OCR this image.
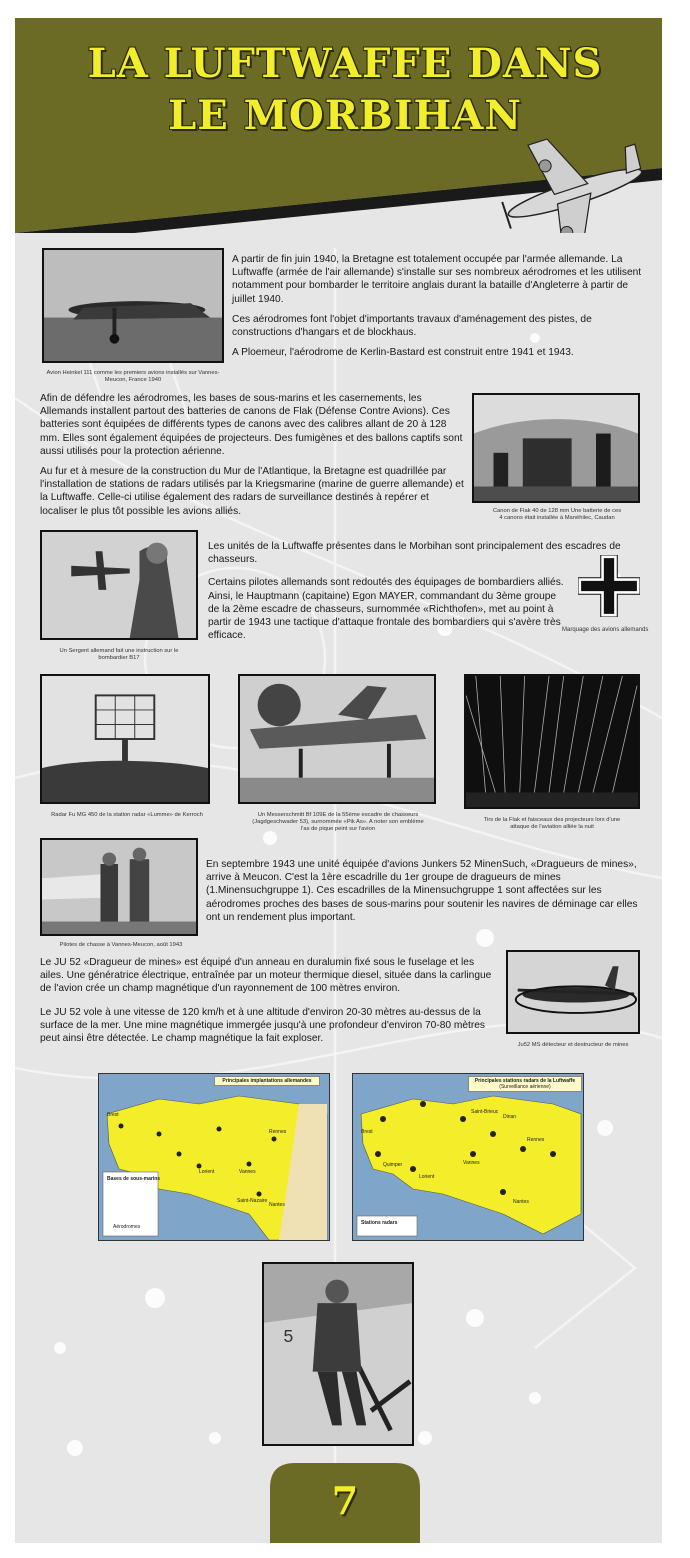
LA LUFTWAFFE DANS
LE MORBIHAN
Avion Heinkel 111 comme les premiers avions installés sur Vannes-Meucon, France 1940

A partir de fin juin 1940, la Bretagne est totalement occupée par l'armée allemande. La Luftwaffe (armée de l'air allemande) s'installe sur ses nombreux aérodromes et les utilisent notamment pour bombarder le territoire anglais durant la bataille d'Angleterre à partir de juillet 1940.

Ces aérodromes font l'objet d'importants travaux d'aménagement des pistes, de constructions d'hangars et de blockhaus.

A Ploemeur, l'aérodrome de Kerlin-Bastard est construit entre 1941 et 1943.

Afin de défendre les aérodromes, les bases de sous-marins et les casernements, les Allemands installent partout des batteries de canons de Flak (Défense Contre Avions). Ces batteries sont équipées de différents types de canons avec des calibres allant de 20 à 128 mm. Elles sont également équipées de projecteurs. Des fumigènes et des ballons captifs sont aussi utilisés pour la protection aérienne.

Au fur et à mesure de la construction du Mur de l'Atlantique, la Bretagne est quadrillée par l'installation de stations de radars utilisés par la Kriegsmarine (marine de guerre allemande) et la Luftwaffe. Celle-ci utilise également des radars de surveillance destinés à repérer et localiser le plus tôt possible les avions alliés.	Canon de Flak 40 de 128 mm Une batterie de ces 4 canons était installée à Manéhilec, Caudan
Un Sergent allemand fait une instruction sur le bombardier B17

Les unités de la Luftwaffe présentes dans le Morbihan sont principalement des escadres de chasseurs.

Certains pilotes allemands sont redoutés des équipages de bombardiers alliés. Ainsi, le Hauptmann (capitaine) Egon MAYER, commandant du 3ème groupe de la 2ème escadre de chasseurs, surnommée «Richthofen», met au point à partir de 1943 une tactique d'attaque frontale des bombardiers qui s'avère très efficace.

Marquage des avions allemands
Radar Fu MG 450 de la station radar «Lumme» de Kerroch	Un Messerschmitt Bf 109E de la 55ème escadre de chasseurs (Jagdgeschwader 53), surnommée «Pik As». A noter son emblème l'as de pique peint sur l'avion
Tirs de la Flak et faisceaux des projecteurs lors d'une attaque de l'aviation alliée la nuit
Pilotes de chasse à Vannes-Meucon, août 1943

En septembre 1943 une unité équipée d'avions Junkers 52 MinenSuch, «Dragueurs de mines», arrive à Meucon. C'est la 1ère escadrille du 1er groupe de dragueurs de mines (1.Minensuchgruppe 1). Ces escadrilles de la Minensuchgruppe 1 sont affectées sur les aérodromes proches des bases de sous-marins pour soutenir les navires de déminage car elles ont un rendement plus important.

Le JU 52 «Dragueur de mines» est équipé d'un anneau en duralumin fixé sous le fuselage et les ailes. Une génératrice électrique, entraînée par un moteur thermique diesel, située dans la carlingue de l'avion crée un champ magnétique d'un rayonnement de 100 mètres environ.

Le JU 52 vole à une vitesse de 120 km/h et à une altitude d'environ 20-30 mètres au-dessus de la surface de la mer. Une mine magnétique immergée jusqu'à une profondeur d'environ 70-80 mètres peut ainsi être détectée. Le champ magnétique la fait exploser.

Ju52 MS détecteur et destructeur de mines
Principales implantations allemandes
Bases de sous-marins
Aérodromes
Brest
Lorient	Vannes
Rennes
Nantes
Saint-Nazaire
Principales stations radars de la Luftwaffe
(Surveillance aérienne)
Stations radars
Brest
Quimper
Lorient
Vannes
Rennes
Nantes
Saint-Brieuc
Dinan
5
7
